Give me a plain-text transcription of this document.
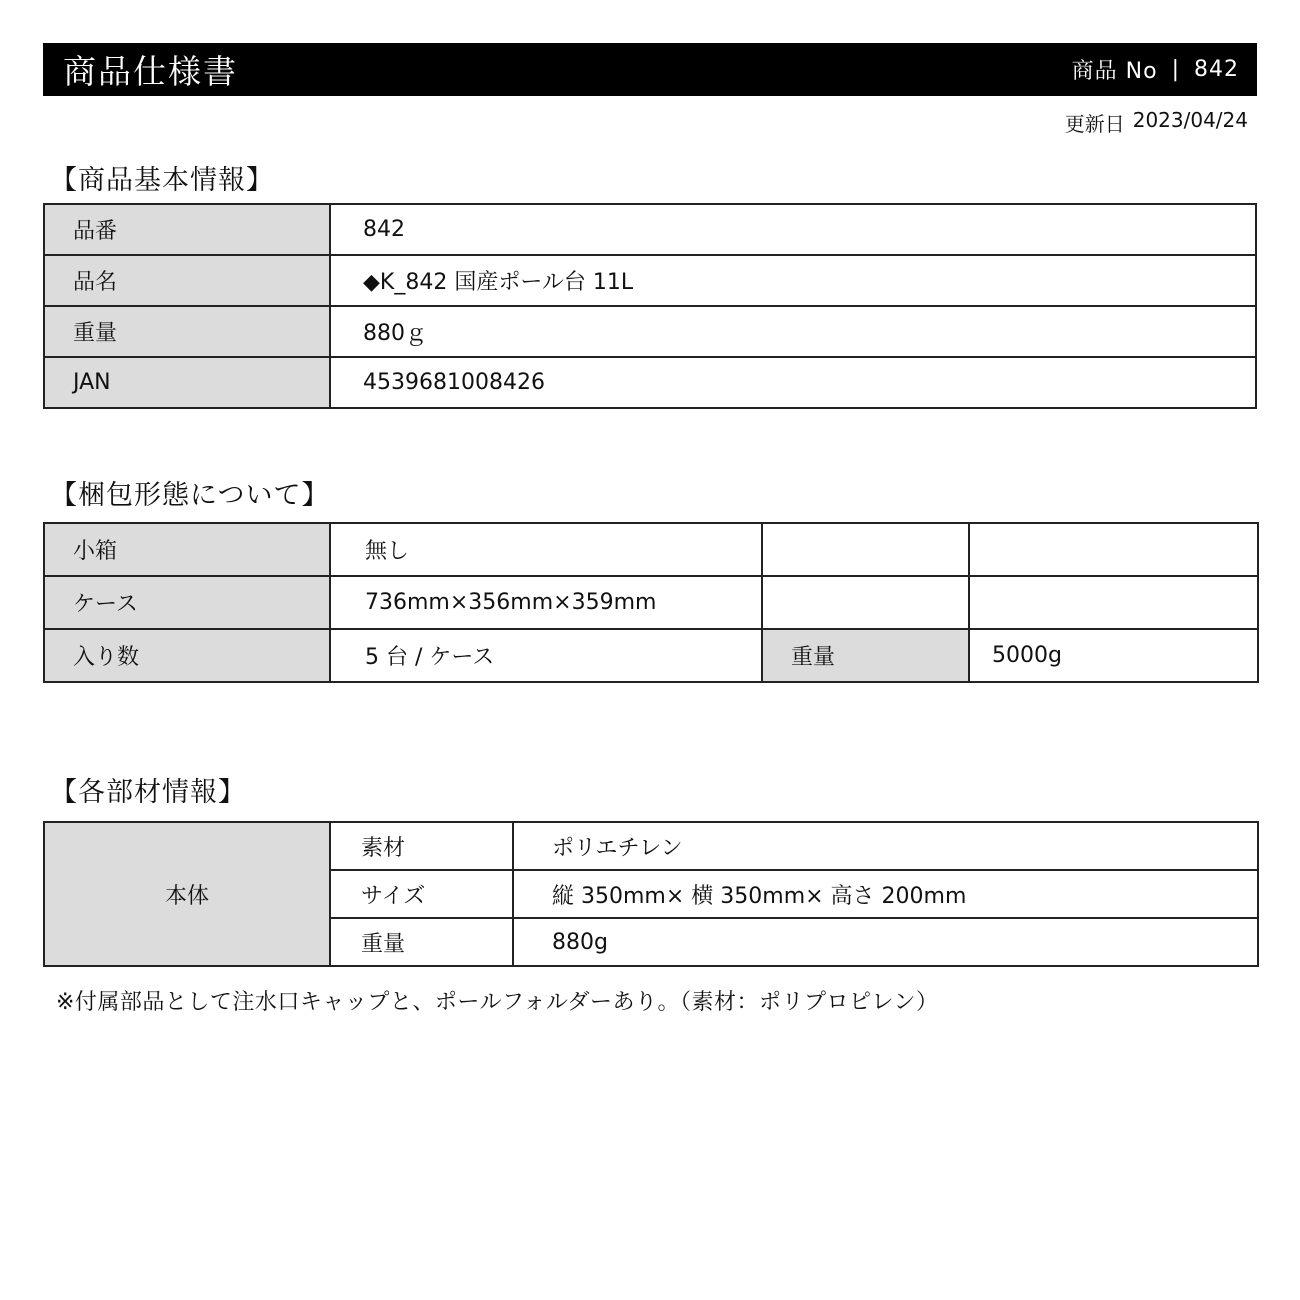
商品仕様書	商品 No | 842
更新日 2023/04/24
【商品基本情報】
品番	842
品名	◆K_842 国産ポール台 11L
重量	880ｇ
JAN	4539681008426
【梱包形態について】
小箱	無し		
ケース	736mm×356mm×359mm		
入り数	5 台 / ケース	重量	5000g
【各部材情報】
本体	素材	ポリエチレン
	サイズ	縦 350mm× 横 350mm× 高さ 200mm
	重量	880g
※付属部品として注水口キャップと、ポールフォルダーあり。（素材：ポリプロピレン）
